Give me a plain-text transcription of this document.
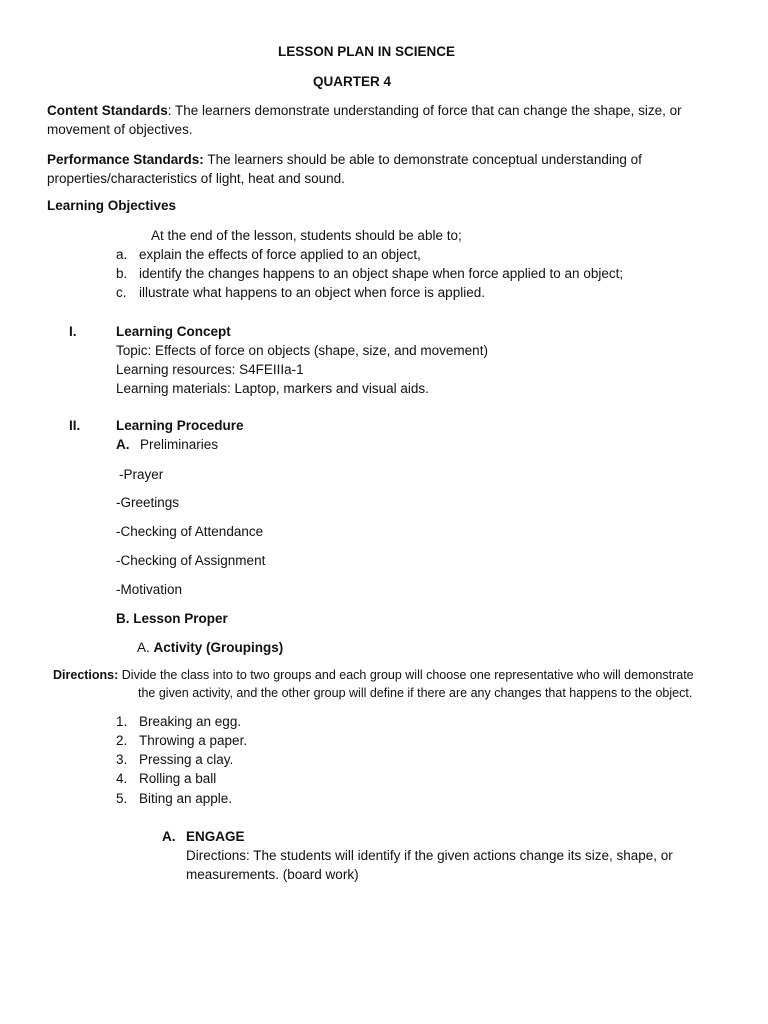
LESSON PLAN IN SCIENCE
QUARTER 4
Content Standards: The learners demonstrate understanding of force that can change the shape, size, or movement of objectives.
Performance Standards: The learners should be able to demonstrate conceptual understanding of properties/characteristics of light, heat and sound.
Learning Objectives
At the end of the lesson, students should be able to;
a. explain the effects of force applied to an object,
b. identify the changes happens to an object shape when force applied to an object;
c. illustrate what happens to an object when force is applied.
I.	Learning Concept
Topic: Effects of force on objects (shape, size, and movement)
Learning resources: S4FEIIIa-1
Learning materials: Laptop, markers and visual aids.
II.	Learning Procedure
A. Preliminaries
-Prayer
-Greetings
-Checking of Attendance
-Checking of Assignment
-Motivation
B. Lesson Proper
A. Activity (Groupings)
Directions: Divide the class into to two groups and each group will choose one representative who will demonstrate
the given activity, and the other group will define if there are any changes that happens to the object.
1. Breaking an egg.
2. Throwing a paper.
3. Pressing a clay.
4. Rolling a ball
5. Biting an apple.
A. ENGAGE
Directions: The students will identify if the given actions change its size, shape, or
measurements. (board work)
